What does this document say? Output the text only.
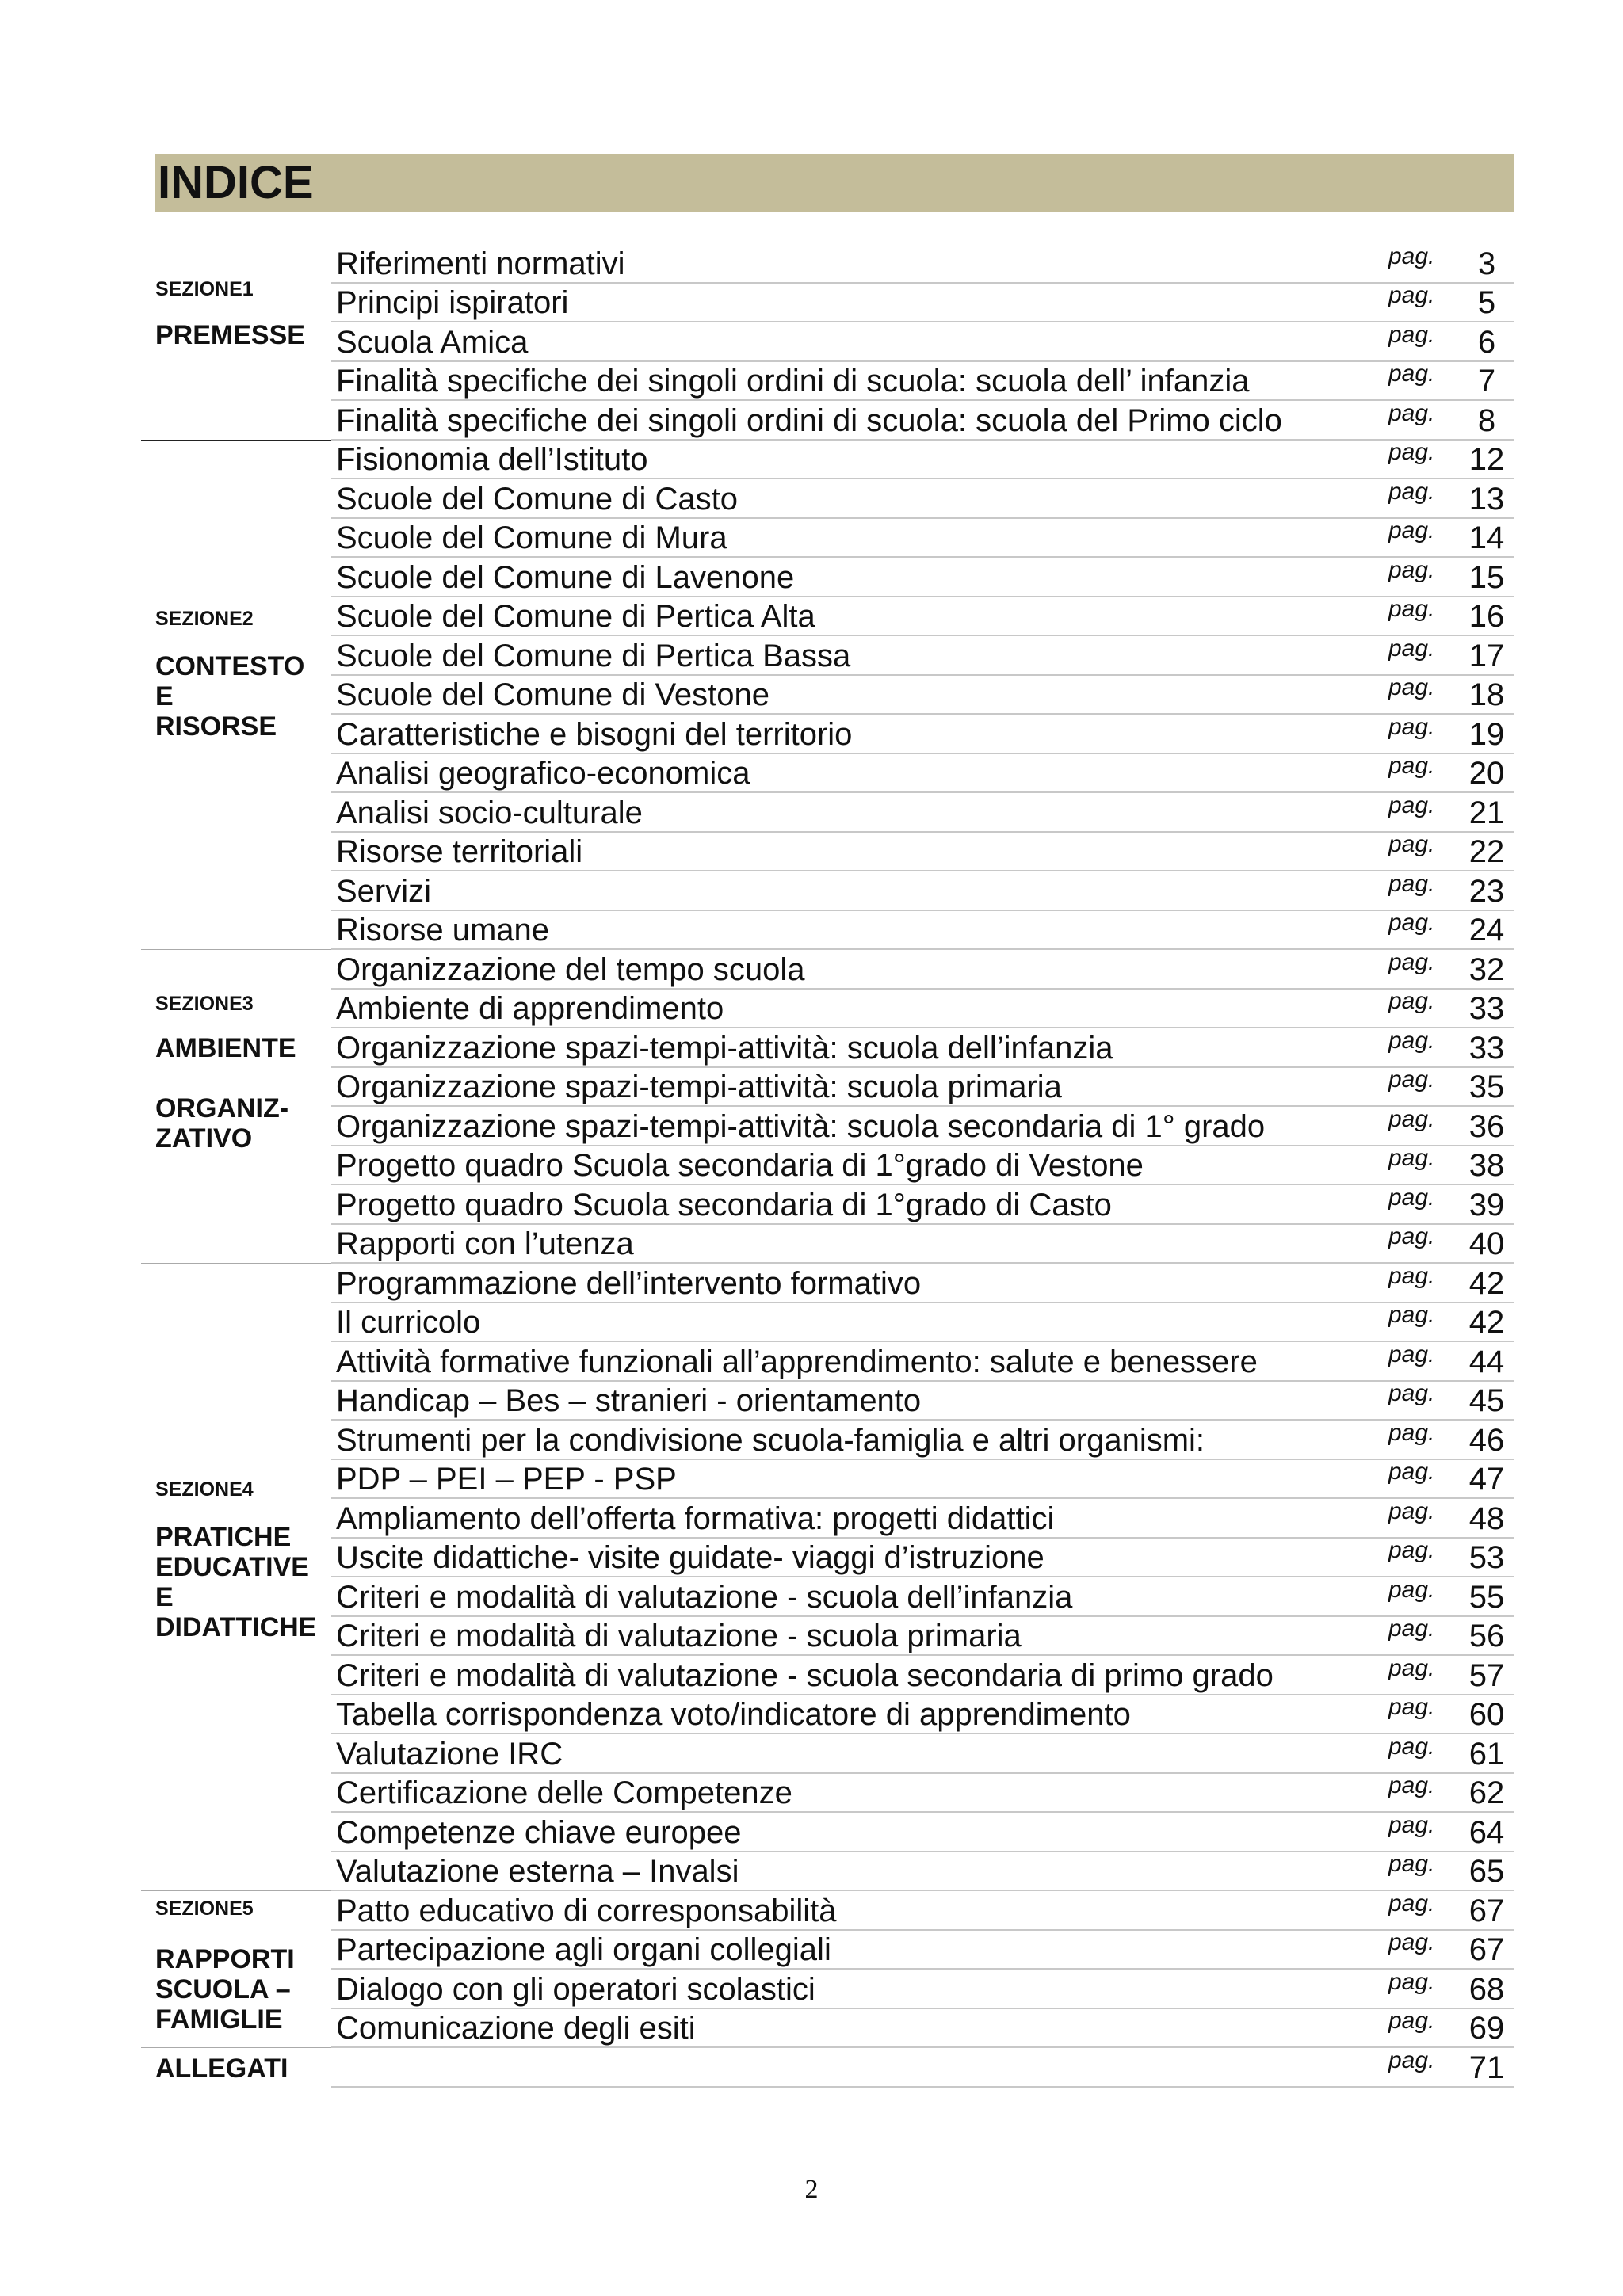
INDICE
SEZIONE1
PREMESSE
Riferimenti normativi	pag.	3
Principi ispiratori	pag.	5
Scuola Amica	pag.	6
Finalità specifiche dei singoli ordini di scuola: scuola dell’ infanzia	pag.	7
Finalità specifiche dei singoli ordini di scuola: scuola del Primo ciclo	pag.	8
SEZIONE2
CONTESTO
E
RISORSE
Fisionomia dell’Istituto	pag.	12
Scuole del Comune di Casto	pag.	13
Scuole del Comune di Mura	pag.	14
Scuole del Comune di Lavenone	pag.	15
Scuole del Comune di Pertica Alta	pag.	16
Scuole del Comune di Pertica Bassa	pag.	17
Scuole del Comune di Vestone	pag.	18
Caratteristiche e bisogni del territorio	pag.	19
Analisi geografico-economica	pag.	20
Analisi socio-culturale	pag.	21
Risorse territoriali	pag.	22
Servizi	pag.	23
Risorse umane	pag.	24
SEZIONE3
AMBIENTE

ORGANIZ-
ZATIVO
Organizzazione del tempo scuola	pag.	32
Ambiente di apprendimento	pag.	33
Organizzazione spazi-tempi-attività: scuola dell’infanzia	pag.	33
Organizzazione spazi-tempi-attività: scuola primaria	pag.	35
Organizzazione spazi-tempi-attività: scuola secondaria di 1° grado	pag.	36
Progetto quadro Scuola secondaria di 1°grado di Vestone	pag.	38
Progetto quadro Scuola secondaria di 1°grado di Casto	pag.	39
Rapporti con l’utenza	pag.	40
SEZIONE4
PRATICHE
EDUCATIVE
E
DIDATTICHE
Programmazione dell’intervento formativo	pag.	42
Il curricolo	pag.	42
Attività formative funzionali all’apprendimento: salute e benessere	pag.	44
Handicap – Bes – stranieri - orientamento	pag.	45
Strumenti per la condivisione scuola-famiglia e altri organismi:	pag.	46
PDP – PEI – PEP - PSP	pag.	47
Ampliamento dell’offerta formativa: progetti didattici	pag.	48
Uscite didattiche- visite guidate- viaggi d’istruzione	pag.	53
Criteri e modalità di valutazione - scuola dell’infanzia	pag.	55
Criteri e modalità di valutazione - scuola primaria	pag.	56
Criteri e modalità di valutazione - scuola secondaria di primo grado	pag.	57
Tabella corrispondenza voto/indicatore di apprendimento	pag.	60
Valutazione IRC	pag.	61
Certificazione delle Competenze	pag.	62
Competenze chiave europee	pag.	64
Valutazione esterna – Invalsi	pag.	65
SEZIONE5
RAPPORTI
SCUOLA –
FAMIGLIE
Patto educativo di corresponsabilità	pag.	67
Partecipazione agli organi collegiali	pag.	67
Dialogo con gli operatori scolastici	pag.	68
Comunicazione degli esiti	pag.	69
ALLEGATI	pag.	71
2
